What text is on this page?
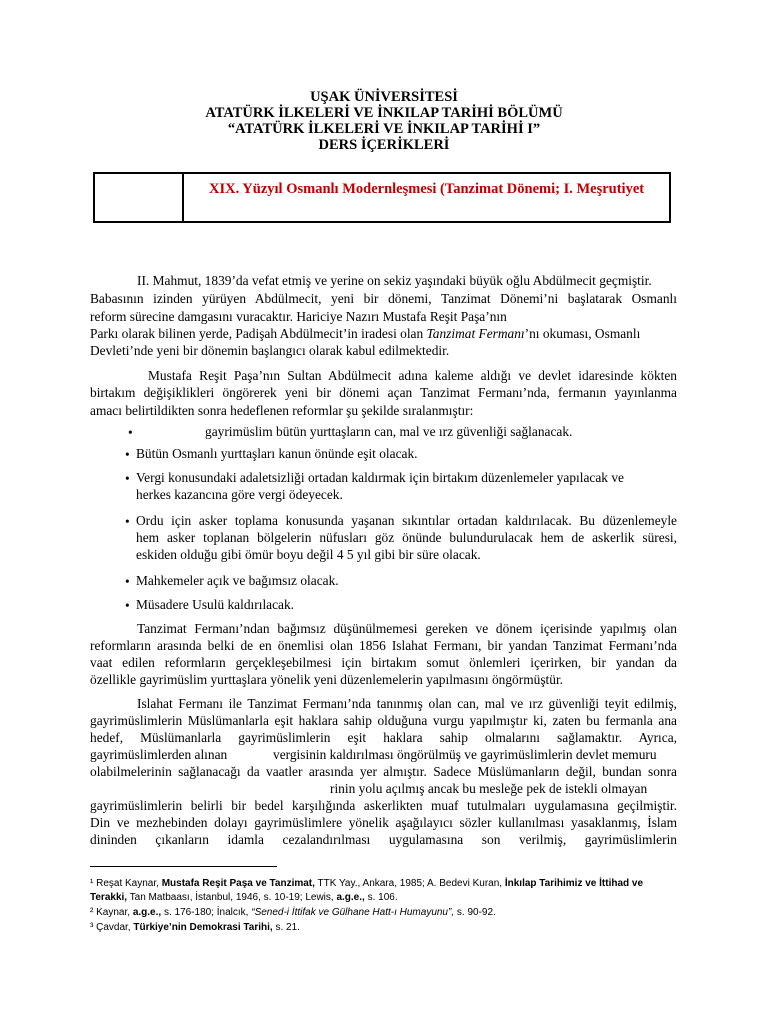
UŞAK ÜNİVERSİTESİ
ATATÜRK İLKELERİ VE İNKILAP TARİHİ BÖLÜMÜ
“ATATÜRK İLKELERİ VE İNKILAP TARİHİ I”
DERS İÇERİKLERİ
XIX. Yüzyıl Osmanlı Modernleşmesi (Tanzimat Dönemi; I. Meşrutiyet
II. Mahmut, 1839’da vefat etmiş ve yerine on sekiz yaşındaki büyük oğlu Abdülmecit geçmiştir.
Babasının izinden yürüyen Abdülmecit, yeni bir dönemi, Tanzimat Dönemi’ni başlatarak Osmanlı
reform sürecine damgasını vuracaktır. Hariciye Nazırı Mustafa Reşit Paşa’nın
Parkı olarak bilinen yerde, Padişah Abdülmecit’in iradesi olan Tanzimat Fermanı’nı okuması, Osmanlı
Devleti’nde yeni bir dönemin başlangıcı olarak kabul edilmektedir.
Mustafa Reşit Paşa’nın Sultan Abdülmecit adına kaleme aldığı ve devlet idaresinde kökten
birtakım değişiklikleri öngörerek yeni bir dönemi açan Tanzimat Fermanı’nda, fermanın yayınlanma
amacı belirtildikten sonra hedeflenen reformlar şu şekilde sıralanmıştır:
•	gayrimüslim bütün yurttaşların can, mal ve ırz güvenliği sağlanacak.
• Bütün Osmanlı yurttaşları kanun önünde eşit olacak.
• Vergi konusundaki adaletsizliği ortadan kaldırmak için birtakım düzenlemeler yapılacak ve
herkes kazancına göre vergi ödeyecek.
• Ordu için asker toplama konusunda yaşanan sıkıntılar ortadan kaldırılacak. Bu düzenlemeyle
hem asker toplanan bölgelerin nüfusları göz önünde bulundurulacak hem de askerlik süresi,
eskiden olduğu gibi ömür boyu değil 4 5 yıl gibi bir süre olacak.
• Mahkemeler açık ve bağımsız olacak.
• Müsadere Usulü kaldırılacak.
Tanzimat Fermanı’ndan bağımsız düşünülmemesi gereken ve dönem içerisinde yapılmış olan
reformların arasında belki de en önemlisi olan 1856 Islahat Fermanı, bir yandan Tanzimat Fermanı’nda
vaat edilen reformların gerçekleşebilmesi için birtakım somut önlemleri içerirken, bir yandan da
özellikle gayrimüslim yurttaşlara yönelik yeni düzenlemelerin yapılmasını öngörmüştür.
Islahat Fermanı ile Tanzimat Fermanı’nda tanınmış olan can, mal ve ırz güvenliği teyit edilmiş,
gayrimüslimlerin Müslümanlarla eşit haklara sahip olduğuna vurgu yapılmıştır ki, zaten bu fermanla ana
hedef, Müslümanlarla gayrimüslimlerin eşit haklara sahip olmalarını sağlamaktır. Ayrıca,
gayrimüslimlerden alınan	vergisinin kaldırılması öngörülmüş ve gayrimüslimlerin devlet memuru
olabilmelerinin sağlanacağı da vaatler arasında yer almıştır. Sadece Müslümanların değil, bundan sonra
rinin yolu açılmış ancak bu mesleğe pek de istekli olmayan
gayrimüslimlerin belirli bir bedel karşılığında askerlikten muaf tutulmaları uygulamasına geçilmiştir.
Din ve mezhebinden dolayı gayrimüslimlere yönelik aşağılayıcı sözler kullanılması yasaklanmış, İslam
dininden çıkanların idamla cezalandırılması uygulamasına son verilmiş, gayrimüslimlerin
¹ Reşat Kaynar, Mustafa Reşit Paşa ve Tanzimat, TTK Yay., Ankara, 1985; A. Bedevi Kuran, İnkılap Tarihimiz ve İttihad ve
Terakki, Tan Matbaası, İstanbul, 1946, s. 10-19; Lewis, a.g.e., s. 106.
² Kaynar, a.g.e., s. 176-180; İnalcık, “Sened-i İttifak ve Gülhane Hatt-ı Humayunu”, s. 90-92.
³ Çavdar, Türkiye’nin Demokrasi Tarihi, s. 21.
